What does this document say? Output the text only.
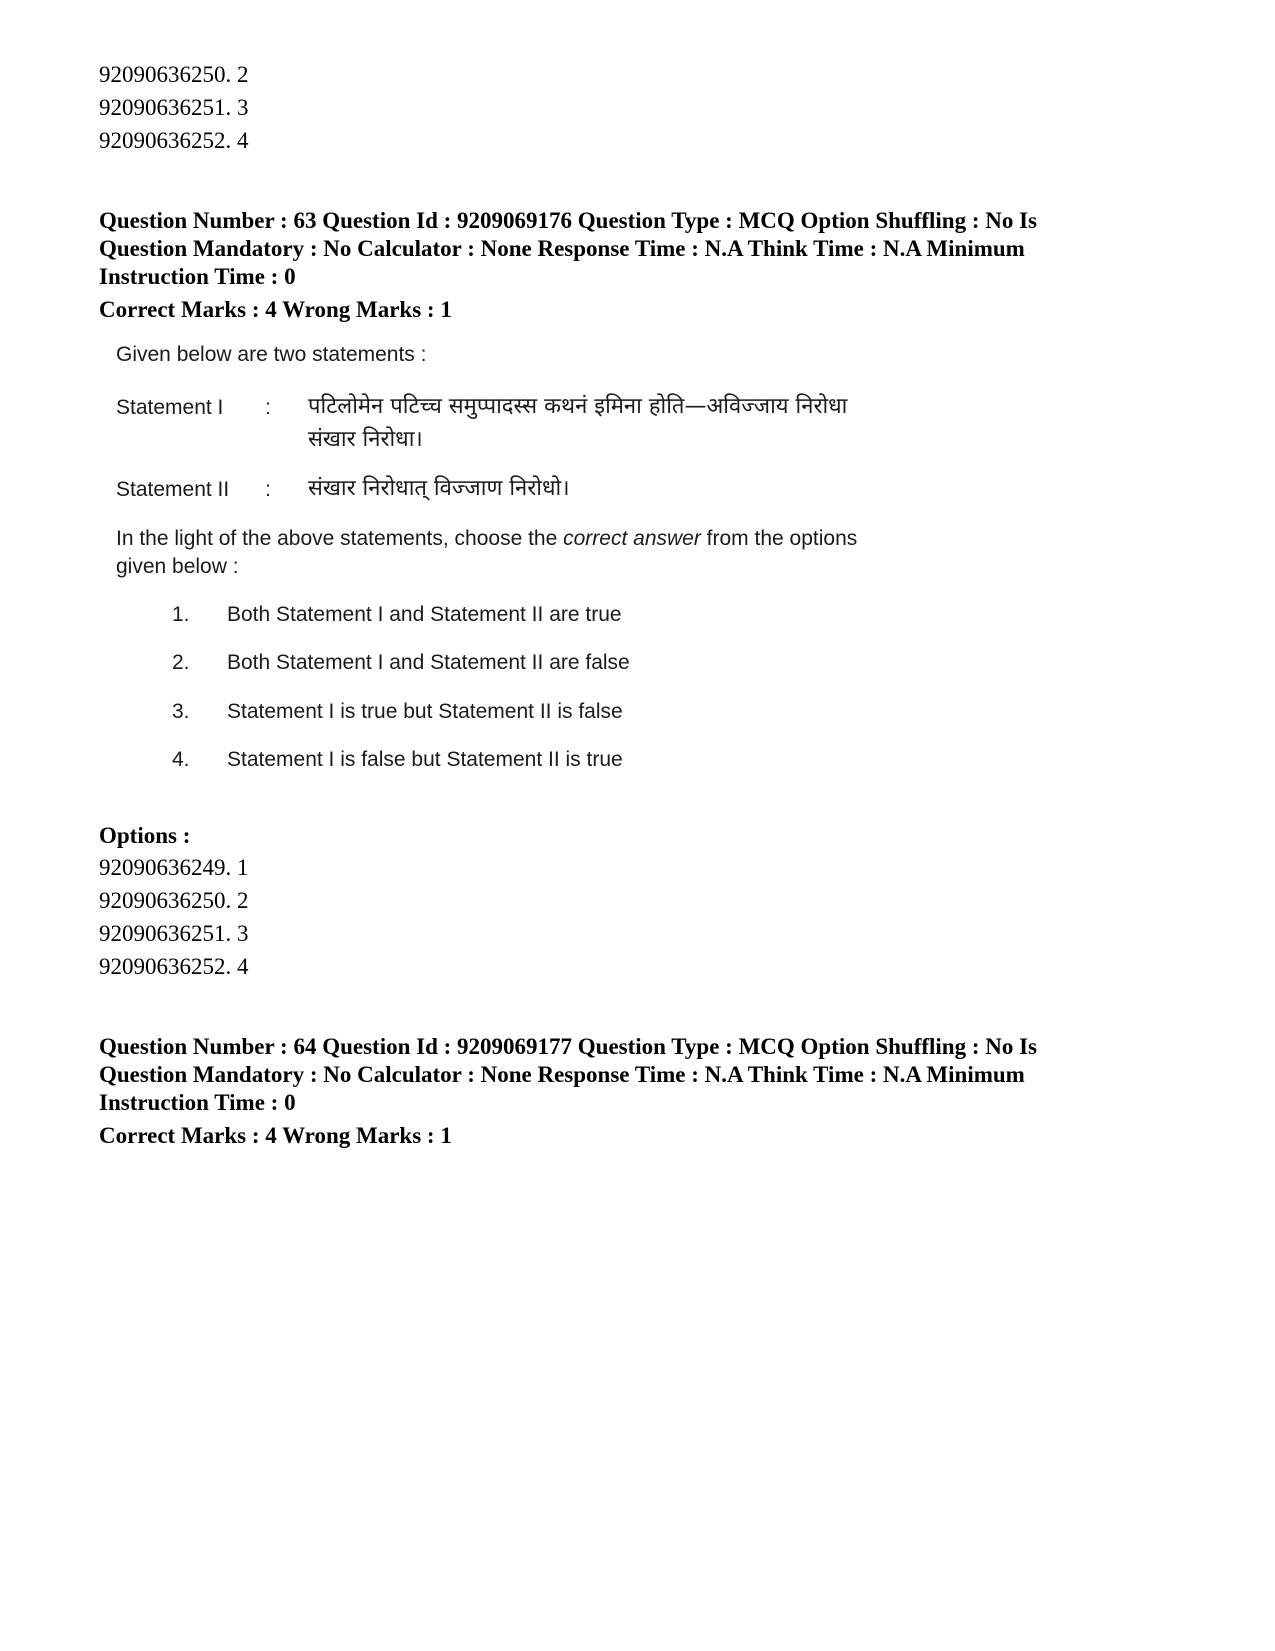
92090636250. 2
92090636251. 3
92090636252. 4
Question Number : 63 Question Id : 9209069176 Question Type : MCQ Option Shuffling : No Is
Question Mandatory : No Calculator : None Response Time : N.A Think Time : N.A Minimum
Instruction Time : 0
Correct Marks : 4 Wrong Marks : 1
Given below are two statements :
Statement I : पटिलोमेन पटिच्च समुप्पादस्स कथनं इमिना होति—अविज्जाय निरोधा
संखार निरोधा।
Statement II : संखार निरोधात् विज्जाण निरोधो।
In the light of the above statements, choose the correct answer from the options
given below :
1. Both Statement I and Statement II are true
2. Both Statement I and Statement II are false
3. Statement I is true but Statement II is false
4. Statement I is false but Statement II is true
Options :
92090636249. 1
92090636250. 2
92090636251. 3
92090636252. 4
Question Number : 64 Question Id : 9209069177 Question Type : MCQ Option Shuffling : No Is
Question Mandatory : No Calculator : None Response Time : N.A Think Time : N.A Minimum
Instruction Time : 0
Correct Marks : 4 Wrong Marks : 1
